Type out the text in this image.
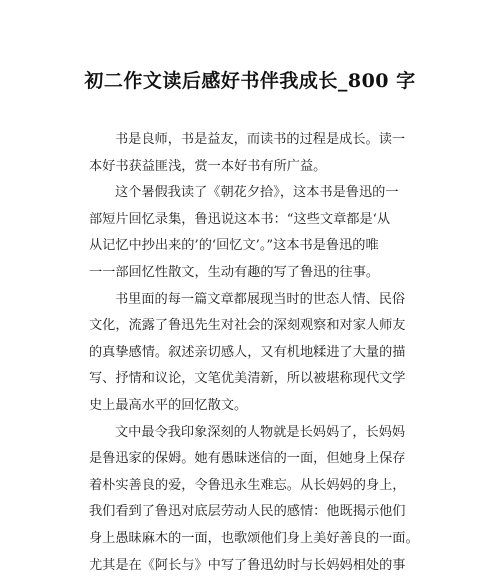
初二作文读后感好书伴我成长_800 字
书是良师，书是益友，而读书的过程是成长。读一
本好书获益匪浅，赏一本好书有所广益。
这个暑假我读了《朝花夕拾》，这本书是鲁迅的一
部短片回忆录集，鲁迅说这本书：“这些文章都是‘从
从记忆中抄出来的’的‘回忆文’。”这本书是鲁迅的唯
一一部回忆性散文，生动有趣的写了鲁迅的往事。
书里面的每一篇文章都展现当时的世态人情、民俗
文化，流露了鲁迅先生对社会的深刻观察和对家人师友
的真挚感情。叙述亲切感人，又有机地糅进了大量的描
写、抒情和议论，文笔优美清新，所以被堪称现代文学
史上最高水平的回忆散文。
文中最令我印象深刻的人物就是长妈妈了，长妈妈
是鲁迅家的保姆。她有愚昧迷信的一面，但她身上保存
着朴实善良的爱，令鲁迅永生难忘。从长妈妈的身上，
我们看到了鲁迅对底层劳动人民的感情：他既揭示他们
身上愚昧麻木的一面，也歌颂他们身上美好善良的一面。
尤其是在《阿长与》中写了鲁迅幼时与长妈妈相处的事
